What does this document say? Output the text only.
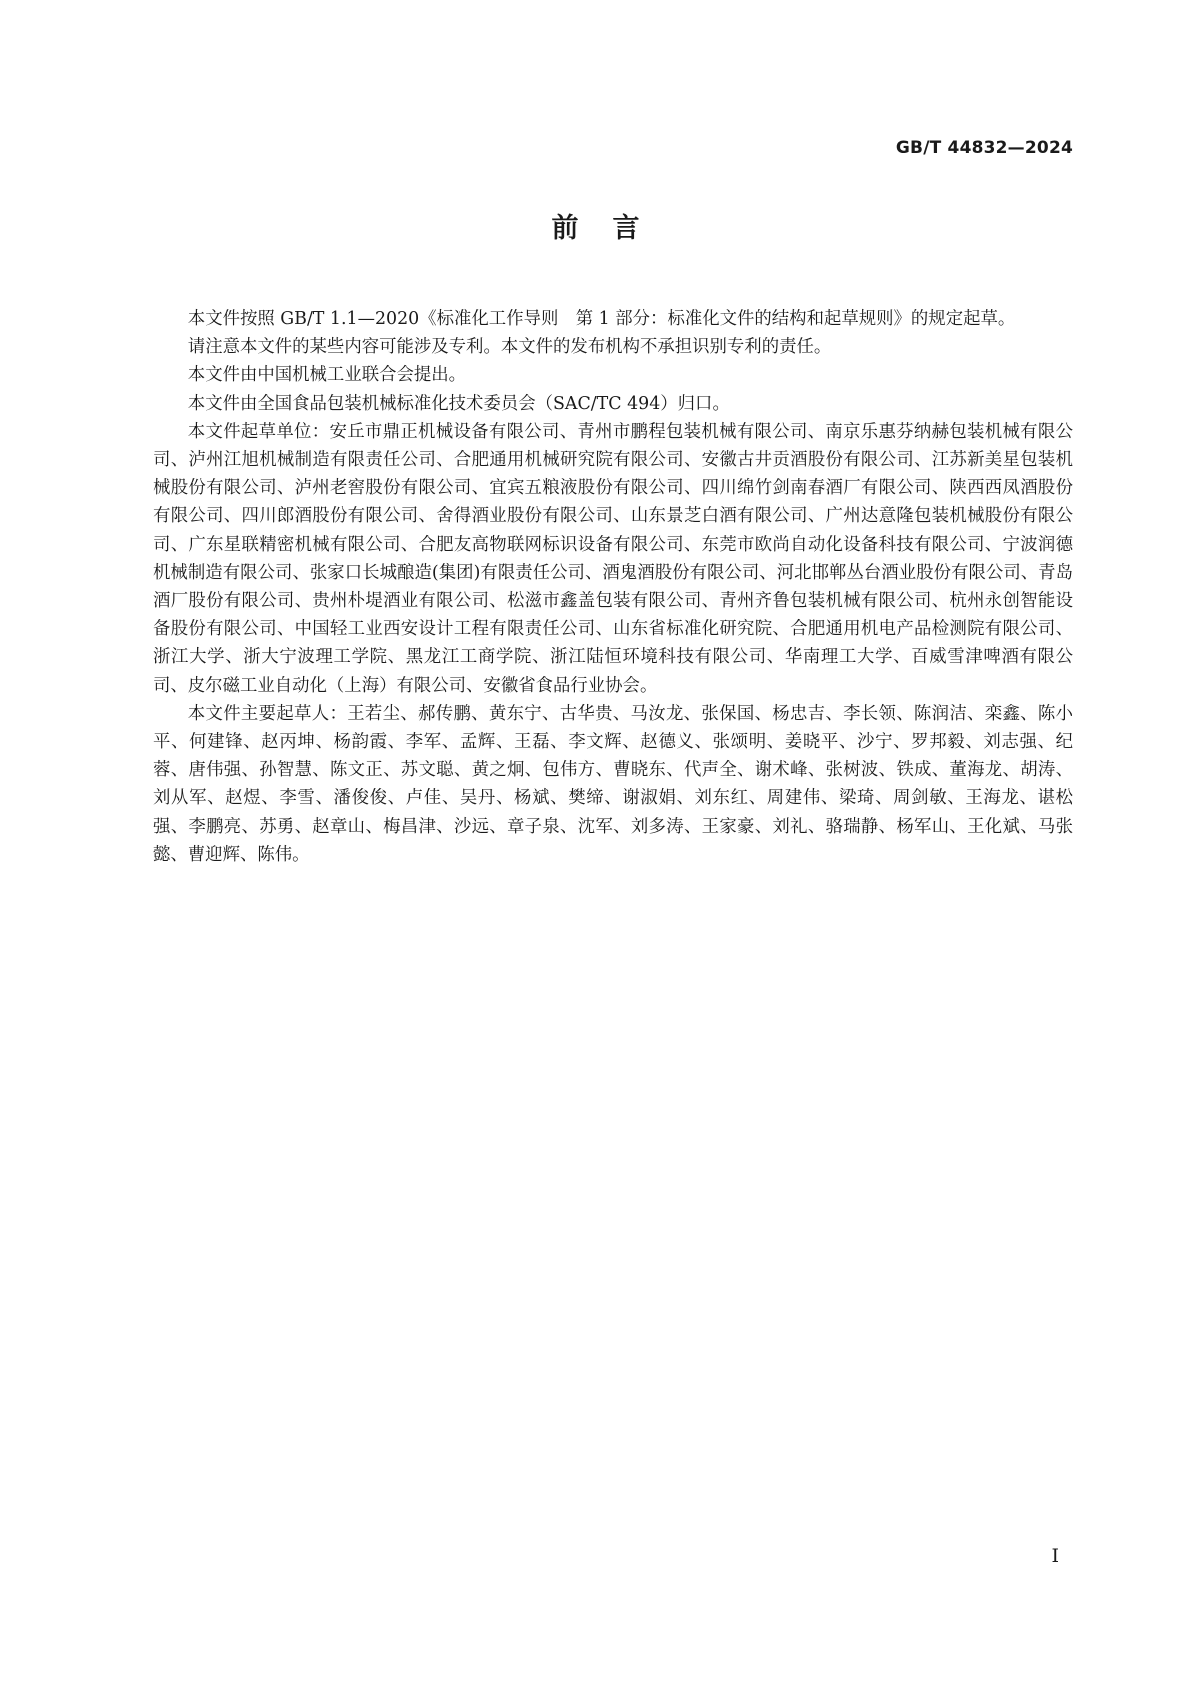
GB/T 44832—2024

前言

本文件按照 GB/T 1.1—2020《标准化工作导则　第 1 部分：标准化文件的结构和起草规则》的规定起草。

请注意本文件的某些内容可能涉及专利。本文件的发布机构不承担识别专利的责任。

本文件由中国机械工业联合会提出。

本文件由全国食品包装机械标准化技术委员会（SAC/TC 494）归口。

本文件起草单位：安丘市鼎正机械设备有限公司、青州市鹏程包装机械有限公司、南京乐惠芬纳赫包装机械有限公司、泸州江旭机械制造有限责任公司、合肥通用机械研究院有限公司、安徽古井贡酒股份有限公司、江苏新美星包装机械股份有限公司、泸州老窖股份有限公司、宜宾五粮液股份有限公司、四川绵竹剑南春酒厂有限公司、陕西西凤酒股份有限公司、四川郎酒股份有限公司、舍得酒业股份有限公司、山东景芝白酒有限公司、广州达意隆包装机械股份有限公司、广东星联精密机械有限公司、合肥友高物联网标识设备有限公司、东莞市欧尚自动化设备科技有限公司、宁波润德机械制造有限公司、张家口长城酿造(集团)有限责任公司、酒鬼酒股份有限公司、河北邯郸丛台酒业股份有限公司、青岛酒厂股份有限公司、贵州朴堤酒业有限公司、松滋市鑫盖包装有限公司、青州齐鲁包装机械有限公司、杭州永创智能设备股份有限公司、中国轻工业西安设计工程有限责任公司、山东省标准化研究院、合肥通用机电产品检测院有限公司、浙江大学、浙大宁波理工学院、黑龙江工商学院、浙江陆恒环境科技有限公司、华南理工大学、百威雪津啤酒有限公司、皮尔磁工业自动化（上海）有限公司、安徽省食品行业协会。

本文件主要起草人：王若尘、郝传鹏、黄东宁、古华贵、马汝龙、张保国、杨忠吉、李长领、陈润洁、栾鑫、陈小平、何建锋、赵丙坤、杨韵霞、李军、孟辉、王磊、李文辉、赵德义、张颂明、姜晓平、沙宁、罗邦毅、刘志强、纪蓉、唐伟强、孙智慧、陈文正、苏文聪、黄之炯、包伟方、曹晓东、代声全、谢术峰、张树波、铁成、董海龙、胡涛、刘从军、赵煜、李雪、潘俊俊、卢佳、吴丹、杨斌、樊缔、谢淑娟、刘东红、周建伟、梁琦、周剑敏、王海龙、谌松强、李鹏亮、苏勇、赵章山、梅昌津、沙远、章子泉、沈军、刘多涛、王家豪、刘礼、骆瑞静、杨军山、王化斌、马张懿、曹迎辉、陈伟。

I
